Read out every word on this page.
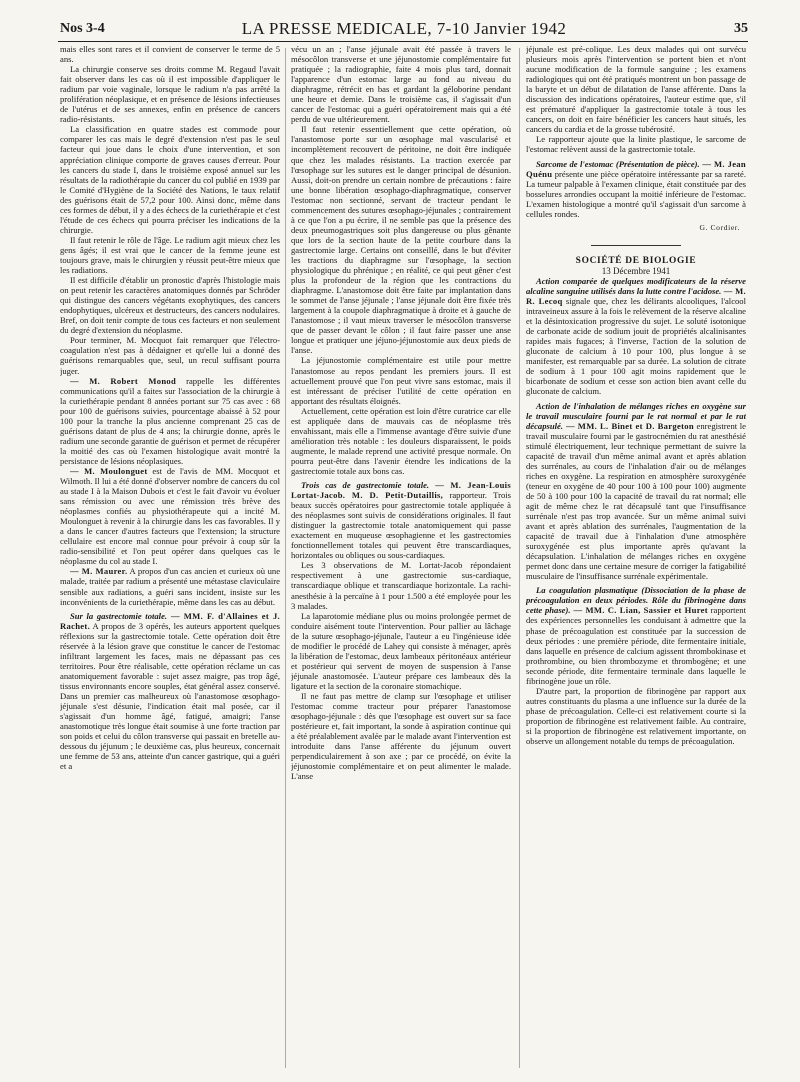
Nos 3-4	LA PRESSE MEDICALE, 7-10 Janvier 1942	35

mais elles sont rares et il convient de conserver le terme de 5 ans.

La chirurgie conserve ses droits comme M. Regaud l'avait fait observer dans les cas où il est impossible d'appliquer le radium par voie vaginale, lorsque le radium n'a pas arrêté la prolifération néoplasique, et en présence de lésions infectieuses de l'utérus et de ses annexes, enfin en présence de cancers radio-résistants.

La classification en quatre stades est commode pour comparer les cas mais le degré d'extension n'est pas le seul facteur qui joue dans le choix d'une intervention, et son appréciation clinique comporte de graves causes d'erreur. Pour les cancers du stade I, dans le troisième exposé annuel sur les résultats de la radiothérapie du cancer du col publié en 1939 par le Comité d'Hygiène de la Société des Nations, le taux relatif des guérisons était de 57,2 pour 100. Ainsi donc, même dans ces formes de début, il y a des échecs de la curiethérapie et c'est l'étude de ces échecs qui pourra préciser les indications de la chirurgie.

Il faut retenir le rôle de l'âge. Le radium agit mieux chez les gens âgés; il est vrai que le cancer de la femme jeune est toujours grave, mais le chirurgien y réussit peut-être mieux que les radiations.

Il est difficile d'établir un pronostic d'après l'histologie mais on peut retenir les caractères anatomiques donnés par Schröder qui distingue des cancers végétants exophytiques, des cancers endophytiques, ulcéreux et destructeurs, des cancers nodulaires. Bref, on doit tenir compte de tous ces facteurs et non seulement du degré d'extension du néoplasme.

Pour terminer, M. Mocquot fait remarquer que l'électro-coagulation n'est pas à dédaigner et qu'elle lui a donné des guérisons remarquables que, seul, un recul suffisant pourra juger.

— M. Robert Monod rappelle les différentes communications qu'il a faites sur l'association de la chirurgie à la curiethérapie pendant 8 années portant sur 75 cas avec : 68 pour 100 de guérisons suivies, pourcentage abaissé à 52 pour 100 pour la tranche la plus ancienne comprenant 25 cas de guérisons datant de plus de 4 ans; la chirurgie donne, après le radium une seconde garantie de guérison et permet de récupérer la moitié des cas où l'examen histologique avait montré la persistance de lésions néoplasiques.

— M. Moulonguet est de l'avis de MM. Mocquot et Wilmoth. Il lui a été donné d'observer nombre de cancers du col au stade I à la Maison Dubois et c'est le fait d'avoir vu évoluer sans rémission ou avec une rémission très brève des néoplasmes confiés au physiothérapeute qui a incité M. Moulonguet à revenir à la chirurgie dans les cas favorables. Il y a dans le cancer d'autres facteurs que l'extension; la structure cellulaire est encore mal connue pour prévoir à coup sûr la radio-sensibilité et l'on peut opérer dans quelques cas le néoplasme du col au stade I.

— M. Maurer. A propos d'un cas ancien et curieux où une malade, traitée par radium a présenté une métastase claviculaire sensible aux radiations, a guéri sans incident, insiste sur les inconvénients de la curiethérapie, même dans les cas au début.

Sur la gastrectomie totale. — MM. F. d'Allaines et J. Rachet. A propos de 3 opérés, les auteurs apportent quelques réflexions sur la gastrectomie totale. Cette opération doit être réservée à la lésion grave que constitue le cancer de l'estomac infiltrant largement les faces, mais ne dépassant pas ces territoires. Pour être réalisable, cette opération réclame un cas anatomiquement favorable : sujet assez maigre, pas trop âgé, tissus environnants encore souples, état général assez conservé. Dans un premier cas malheureux où l'anastomose œsophago-jéjunale s'est désunie, l'indication était mal posée, car il s'agissait d'un homme âgé, fatigué, amaigri; l'anse anastomotique très longue était soumise à une forte traction par son poids et celui du côlon transverse qui passait en bretelle au-dessous du jéjunum ; le deuxième cas, plus heureux, concernait une femme de 53 ans, atteinte d'un cancer gastrique, qui a guéri et a

vécu un an ; l'anse jéjunale avait été passée à travers le mésocôlon transverse et une jéjunostomie complémentaire fut pratiquée ; la radiographie, faite 4 mois plus tard, donnait l'apparence d'un estomac large au fond au niveau du diaphragme, rétrécit en bas et gardant la géloborine pendant une heure et demie. Dans le troisième cas, il s'agissait d'un cancer de l'estomac qui a guéri opératoirement mais qui a été perdu de vue ultérieurement.

Il faut retenir essentiellement que cette opération, où l'anastomose porte sur un œsophage mal vascularisé et incomplètement recouvert de péritoine, ne doit être indiquée que chez les malades résistants. La traction exercée par l'œsophage sur les sutures est le danger principal de désunion. Aussi, doit-on prendre un certain nombre de précautions : faire une bonne libération œsophago-diaphragmatique, conserver l'estomac non sectionné, servant de tracteur pendant le commencement des sutures œsophago-jéjunales ; contrairement à ce que l'on a pu écrire, il ne semble pas que la présence des deux pneumogastriques soit plus dangereuse ou plus gênante que lors de la section haute de la petite courbure dans la gastrectomie large. Certains ont conseillé, dans le but d'éviter les tractions du diaphragme sur l'œsophage, la section physiologique du phrénique ; en réalité, ce qui peut gêner c'est plus la profondeur de la région que les contractions du diaphragme. L'anastomose doit être faite par implantation dans le sommet de l'anse jéjunale ; l'anse jéjunale doit être fixée très largement à la coupole diaphragmatique à droite et à gauche de l'anastomose ; il vaut mieux traverser le mésocôlon transverse que de passer devant le côlon ; il faut faire passer une anse longue et pratiquer une jéjuno-jéjunostomie aux deux pieds de l'anse.

La jéjunostomie complémentaire est utile pour mettre l'anastomose au repos pendant les premiers jours. Il est actuellement prouvé que l'on peut vivre sans estomac, mais il est intéressant de préciser l'utilité de cette opération en apportant des résultats éloignés.

Actuellement, cette opération est loin d'être curatrice car elle est appliquée dans de mauvais cas de néoplasme très envahissant, mais elle a l'immense avantage d'être suivie d'une amélioration très notable : les douleurs disparaissent, le poids augmente, le malade reprend une activité presque normale. On pourra peut-être dans l'avenir étendre les indications de la gastrectomie totale aux bons cas.

Trois cas de gastrectomie totale. — M. Jean-Louis Lortat-Jacob. M. D. Petit-Dutaillis, rapporteur. Trois beaux succès opératoires pour gastrectomie totale appliquée à des néoplasmes sont suivis de considérations originales. Il faut distinguer la gastrectomie totale anatomiquement qui passe exactement en muqueuse œsophagienne et les gastrectomies fonctionnellement totales qui peuvent être transcardiaques, horizontales ou obliques ou sous-cardiaques.

Les 3 observations de M. Lortat-Jacob répondaient respectivement à une gastrectomie sus-cardiaque, transcardiaque oblique et transcardiaque horizontale. La rachi-anesthésie à la percaïne à 1 pour 1.500 a été employée pour les 3 malades.

La laparotomie médiane plus ou moins prolongée permet de conduire aisément toute l'intervention. Pour pallier au lâchage de la suture œsophago-jéjunale, l'auteur a eu l'ingénieuse idée de modifier le procédé de Lahey qui consiste à ménager, après la libération de l'estomac, deux lambeaux péritonéaux antérieur et postérieur qui servent de moyen de suspension à l'anse jéjunale anastomosée. L'auteur prépare ces lambeaux dès la ligature et la section de la coronaire stomachique.

Il ne faut pas mettre de clamp sur l'œsophage et utiliser l'estomac comme tracteur pour préparer l'anastomose œsophago-jéjunale : dès que l'œsophage est ouvert sur sa face postérieure et, fait important, la sonde à aspiration continue qui a été préalablement avalée par le malade avant l'intervention est introduite dans l'anse afférente du jéjunum ouvert perpendiculairement à son axe ; par ce procédé, on évite la jéjunostomie complémentaire et on peut alimenter le malade. L'anse

jéjunale est pré-colique. Les deux malades qui ont survécu plusieurs mois après l'intervention se portent bien et n'ont aucune modification de la formule sanguine ; les examens radiologiques qui ont été pratiqués montrent un bon passage de la baryte et un début de dilatation de l'anse afférente. Dans la discussion des indications opératoires, l'auteur estime que, s'il est prématuré d'appliquer la gastrectomie totale à tous les cancers, on doit en faire bénéficier les cancers haut situés, les cancers du cardia et de la grosse tubérosité.

Le rapporteur ajoute que la linite plastique, le sarcome de l'estomac relèvent aussi de la gastrectomie totale.

Sarcome de l'estomac (Présentation de pièce). — M. Jean Quénu présente une pièce opératoire intéressante par sa rareté. La tumeur palpable à l'examen clinique, était constituée par des bosselures arrondies occupant la moitié inférieure de l'estomac. L'examen histologique a montré qu'il s'agissait d'un sarcome à cellules rondes.

G. Cordier.

SOCIÉTÉ DE BIOLOGIE

13 Décembre 1941

Action comparée de quelques modificateurs de la réserve alcaline sanguine utilisés dans la lutte contre l'acidose. — M. R. Lecoq signale que, chez les délirants alcooliques, l'alcool intraveineux assure à la fois le relèvement de la réserve alcaline et la désintoxication progressive du sujet. Le soluté isotonique de carbonate acide de sodium jouit de propriétés alcalinisantes rapides mais fugaces; à l'inverse, l'action de la solution de gluconate de calcium à 10 pour 100, plus longue à se manifester, est remarquable par sa durée. La solution de citrate de sodium à 1 pour 100 agit moins rapidement que le bicarbonate de sodium et cesse son action bien avant celle du gluconate de calcium.

Action de l'inhalation de mélanges riches en oxygène sur le travail musculaire fourni par le rat normal et par le rat décapsulé. — MM. L. Binet et D. Bargeton enregistrent le travail musculaire fourni par le gastrocnémien du rat anesthésié stimulé électriquement, leur technique permettant de suivre la capacité de travail d'un même animal avant et après ablation des surrénales, au cours de l'inhalation d'air ou de mélanges riches en oxygène. La respiration en atmosphère suroxygénée (teneur en oxygène de 40 pour 100 à 100 pour 100) augmente de 50 à 100 pour 100 la capacité de travail du rat normal; elle agit de même chez le rat décapsulé tant que l'insuffisance surrénale n'est pas trop avancée. Sur un même animal suivi avant et après ablation des surrénales, l'augmentation de la capacité de travail due à l'inhalation d'une atmosphère suroxygénée est plus importante après qu'avant la décapsulation. L'inhalation de mélanges riches en oxygène permet donc dans une certaine mesure de corriger la fatigabilité musculaire de l'insuffisance surrénale expérimentale.

La coagulation plasmatique (Dissociation de la phase de précoagulation en deux périodes. Rôle du fibrinogène dans cette phase). — MM. C. Lian, Sassier et Huret rapportent des expériences personnelles les conduisant à admettre que la phase de précoagulation est constituée par la succession de deux périodes : une première période, dite fermentaire initiale, dans laquelle en présence de calcium agissent thrombokinase et prothrombine, ou bien thrombozyme et thrombogène; et une seconde période, dite fermentaire terminale dans laquelle le fibrinogène joue un rôle.

D'autre part, la proportion de fibrinogène par rapport aux autres constituants du plasma a une influence sur la durée de la phase de précoagulation. Celle-ci est relativement courte si la proportion de fibrinogène est relativement faible. Au contraire, si la proportion de fibrinogène est relativement importante, on observe un allongement notable du temps de précoagulation.
